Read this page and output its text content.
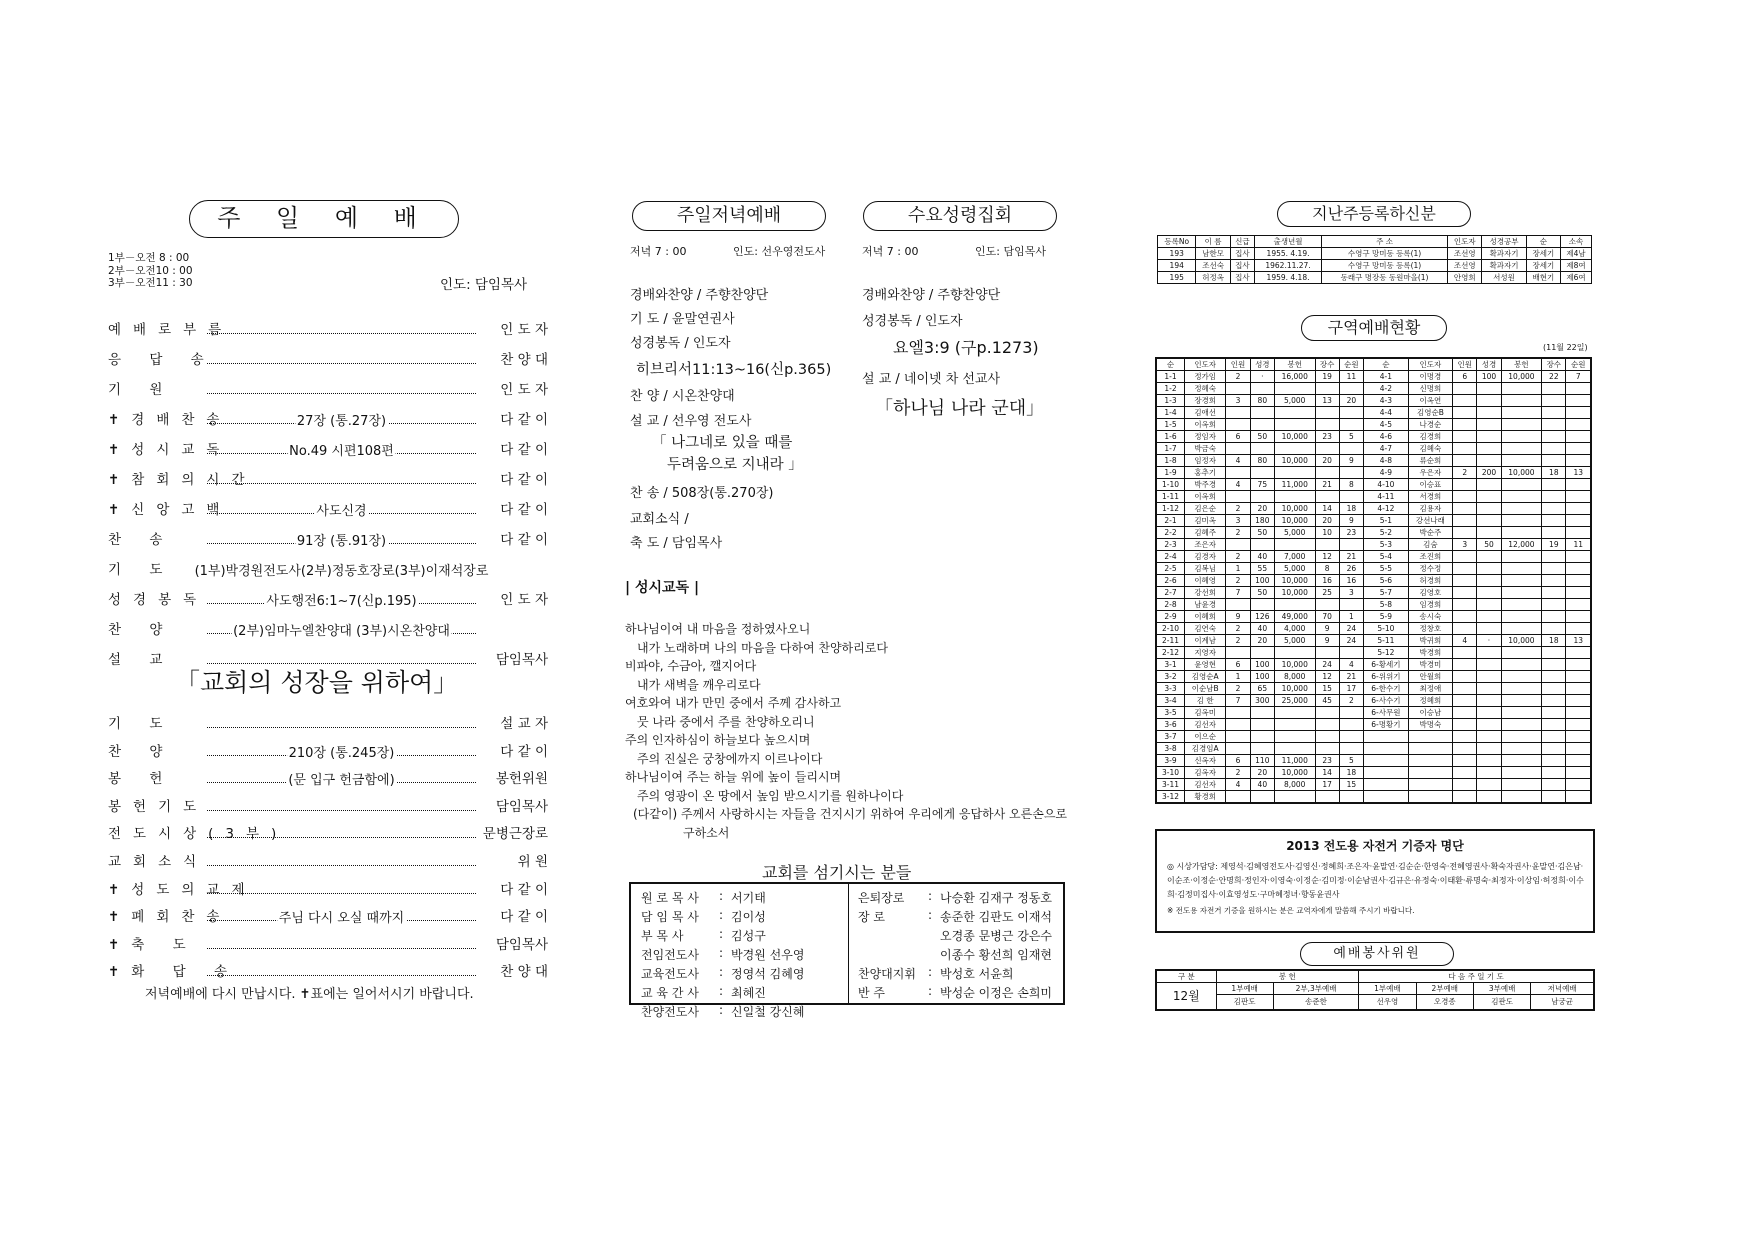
주 일 예 배
1부－오전 8 : 00
2부－오전10 : 00
3부－오전11 : 30	인도: 담임목사
예배로부름	인 도 자
응 답 송	찬 양 대
기 원	인 도 자
✝경배찬송	27장 (통.27장)	다 같 이
✝성시교독	No.49 시편108편	다 같 이
✝참회의시간	다 같 이
✝신앙고백	사도신경	다 같 이
찬 송	91장 (통.91장)	다 같 이
기 도	(1부)박경원전도사(2부)정동호장로(3부)이재석장로
성경봉독	사도행전6:1~7(신p.195)	인 도 자
찬 양	(2부)임마누엘찬양대 (3부)시온찬양대
설 교	담임목사
「교회의 성장을 위하여」
기 도	설 교 자
찬 양	210장 (통.245장)	다 같 이
봉 헌	(문 입구 헌금함에)	봉헌위원
봉헌기도	담임목사
전도시상(3부)	문병근장로
교회소식	위 원
✝성도의교제	다 같 이
✝폐회찬송	주님 다시 오실 때까지	다 같 이
✝축 도	담임목사
✝화 답 송	찬 양 대
저녁예배에 다시 만납시다. ✝표에는 일어서시기 바랍니다.
주일저녁예배
저녁 7 : 00	인도: 선우영전도사
경배와찬양 / 주향찬양단
기 도 / 윤말연권사
성경봉독 / 인도자
히브리서11:13~16(신p.365)
찬 양 / 시온찬양대
설 교 / 선우영 전도사
「 나그네로 있을 때를
두려움으로 지내라 」
찬 송 / 508장(통.270장)
교회소식 /
축 도 / 담임목사
수요성령집회
저녁 7 : 00	인도: 담임목사
경배와찬양 / 주향찬양단
성경봉독 / 인도자
요엘3:9 (구p.1273)
설 교 / 네이넷 차 선교사
「하나님 나라 군대」
| 성시교독 |
하나님이여 내 마음을 정하였사오니
내가 노래하며 나의 마음을 다하여 찬양하리로다
비파야, 수금아, 깰지어다
내가 새벽을 깨우리로다
여호와여 내가 만민 중에서 주께 감사하고
뭇 나라 중에서 주를 찬양하오리니
주의 인자하심이 하늘보다 높으시며
주의 진실은 궁창에까지 이르나이다
하나님이여 주는 하늘 위에 높이 들리시며
주의 영광이 온 땅에서 높임 받으시기를 원하나이다
(다같이) 주께서 사랑하시는 자들을 건지시기 위하여 우리에게 응답하사 오른손으로
구하소서
교회를 섬기시는 분들
원 로 목 사	:	서기태
담 임 목 사	:	김이성
부 목 사	:	김성구
전임전도사	:	박경원 선우영
교육전도사	:	정영석 김혜영
교 육 간 사	:	최혜진
찬양전도사	:	신일철 강신혜
은퇴장로	:	나승환 김재구 정동호
장 로	:	송준한 김판도 이재석
		오경종 문병근 강은수
		이종수 황선희 임재현
찬양대지휘	:	박성호 서윤희
반 주	:	박성순 이정은 손희미
지난주등록하신분
등록No	이 름	신급	출생년월	주 소	인도자	성경공부	순	소속
193	남한모	집사	1955. 4.19.	수영구 망미동 등록(1)	조선영	확과자기	장세기	제4남
194	조선숙	집사	1962.11.27.	수영구 망미동 등록(1)	조선영	확과자기	장세기	제8여
195	허정옥	집사	1959. 4.18.	동래구 명장동 동원마을(1)	안영희	서성원	배현기	제6여
구역예배현황
(11월 22일)
순	인도자	인원	성경	봉헌	장수	순원	순	인도자	인원	성경	봉헌	장수	순원
1-1	정가임	2	·	16,000	19	11	4-1	이명경	6	100	10,000	22	7
1-2	정혜숙						4-2	신명희					
1-3	장경희	3	80	5,000	13	20	4-3	이옥연					
1-4	김애선						4-4	김영순B					
1-5	이옥희						4-5	나경순					
1-6	정임자	6	50	10,000	23	5	4-6	김경희					
1-7	박금숙						4-7	김혜숙					
1-8	임정자	4	80	10,000	20	9	4-8	류순희					
1-9	홍추기						4-9	우은자	2	200	10,000	18	13
1-10	박주경	4	75	11,000	21	8	4-10	이승표					
1-11	이옥희						4-11	서경희					
1-12	김은순	2	20	10,000	14	18	4-12	김용자					
2-1	김미옥	3	180	10,000	20	9	5-1	강선나래					
2-2	김혜주	2	50	5,000	10	23	5-2	박순주					
2-3	조은자						5-3	김숨	3	50	12,000	19	11
2-4	김경자	2	40	7,000	12	21	5-4	조진희					
2-5	김복님	1	55	5,000	8	26	5-5	정수정					
2-6	이혜영	2	100	10,000	16	16	5-6	허경희					
2-7	강선희	7	50	10,000	25	3	5-7	김영호					
2-8	남윤경						5-8	임경희					
2-9	이혜희	9	126	49,000	70	1	5-9	송시숙					
2-10	김연숙	2	40	4,000	9	24	5-10	정창호					
2-11	이계남	2	20	5,000	9	24	5-11	박귀희	4	·	10,000	18	13
2-12	지영자						5-12	박경희					
3-1	윤영현	6	100	10,000	24	4	6-황세기	박경미					
3-2	김영순A	1	100	8,000	12	21	6-위위기	안월희					
3-3	이순남B	2	65	10,000	15	17	6-한수기	최정애					
3-4	김 한	7	300	25,000	45	2	6-사수기	정혜희					
3-5	김옥미						6-사무원	이승남					
3-6	김선자						6-명황기	박명숙					
3-7	이으순												
3-8	김경임A												
3-9	신옥자	6	110	11,000	23	5							
3-10	김옥자	2	20	10,000	14	18							
3-11	김선자	4	40	8,000	17	15							
3-12	황경희												
2013 전도용 자전거 기증자 명단
◎ 시상가담당: 제영석·김혜영전도사·김영신·정혜희·조은자·윤말연·김순순·한영숙·전혜영권사·확숙자권사·윤말연·김은남·이순조·이정순·안명희·정인자·이영숙·이정순·김미정·이순남권사·김규은·유정숙·이태환·류명숙·최정자·이상임·허정희·이수희·김정미집사·이효영성도·구마혜정녀·향동윤권사
※ 전도용 자전거 기증을 원하시는 분은 교역자에게 말씀해 주시기 바랍니다.
예배봉사위원
구 분	봉 헌		다 음 주 일 기 도			
12월	1부예배	2부,3부예배	1부예배	2부예배	3부예배	저녁예배
	김판도	송준한	선우영	오경종	김판도	남궁균
